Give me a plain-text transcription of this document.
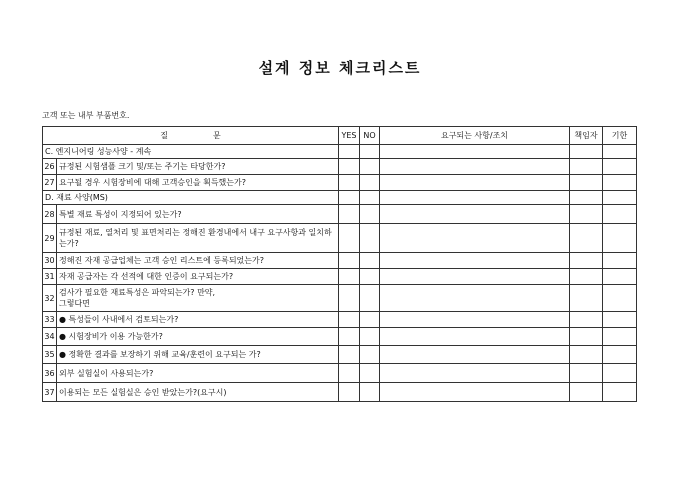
설계 정보 체크리스트
고객 또는 내부 부품번호.
질 문		YES	NO	요구되는 사항/조치	책임자	기한
C. 엔지니어링 성능사양 - 계속						
26	규정된 시험샘플 크기 및/또는 주기는 타당한가?					
27	요구될 경우 시험장비에 대해 고객승인을 획득했는가?					
D. 재료 사양(MS)						
28	특별 재료 특성이 지정되어 있는가?					
29	규정된 재료, 열처리 및 표면처리는 정해진 환경내에서 내구 요구사항과 일치하는가?					
30	정해진 자재 공급업체는 고객 승인 리스트에 등록되었는가?					
31	자재 공급자는 각 선적에 대한 인증이 요구되는가?					
32	검사가 필요한 재료특성은 파악되는가? 만약, 그렇다면					
33	● 특성들이 사내에서 검토되는가?					
34	● 시험장비가 이용 가능한가?					
35	● 정확한 결과를 보장하기 위해 교육/훈련이 요구되는 가?					
36	외부 실험실이 사용되는가?					
37	이용되는 모든 실험실은 승인 받았는가?(요구시)					
